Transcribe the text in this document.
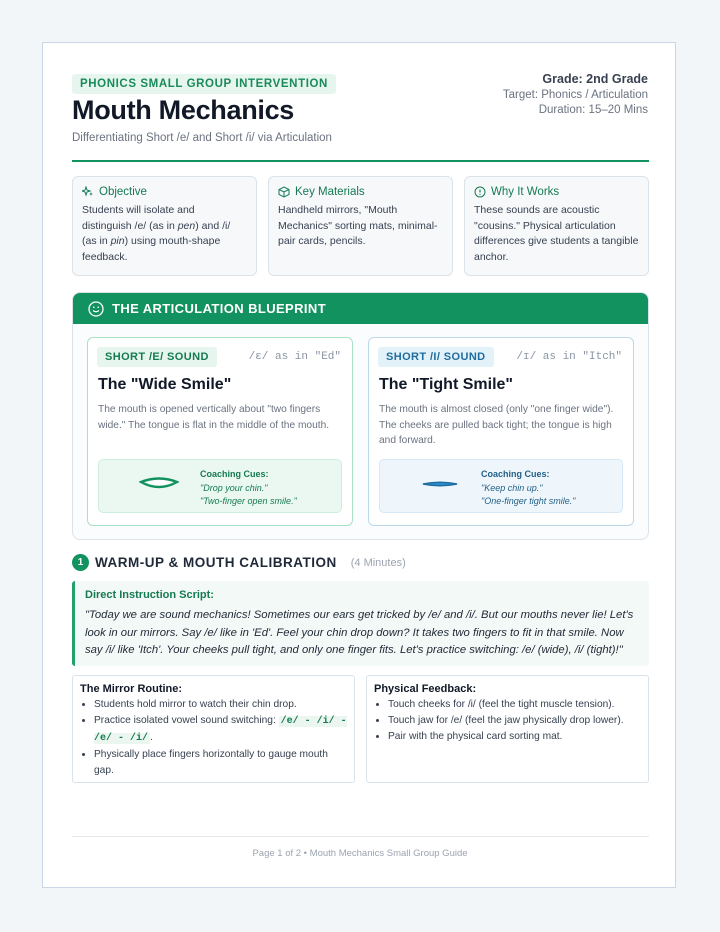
PHONICS SMALL GROUP INTERVENTION
Mouth Mechanics
Differentiating Short /e/ and Short /i/ via Articulation
Grade: 2nd Grade
Target: Phonics / Articulation
Duration: 15–20 Mins
Objective
Students will isolate and distinguish /e/ (as in pen) and /i/ (as in pin) using mouth-shape feedback.
Key Materials
Handheld mirrors, "Mouth Mechanics" sorting mats, minimal-pair cards, pencils.
Why It Works
These sounds are acoustic "cousins." Physical articulation differences give students a tangible anchor.
THE ARTICULATION BLUEPRINT
SHORT /E/ SOUND	/ɛ/ as in "Ed"
The "Wide Smile"
The mouth is opened vertically about "two fingers wide." The tongue is flat in the middle of the mouth.
Coaching Cues:
"Drop your chin."
"Two-finger open smile."
SHORT /I/ SOUND	/ɪ/ as in "Itch"
The "Tight Smile"
The mouth is almost closed (only "one finger wide"). The cheeks are pulled back tight; the tongue is high and forward.
Coaching Cues:
"Keep chin up."
"One-finger tight smile."
1 WARM-UP & MOUTH CALIBRATION (4 Minutes)
Direct Instruction Script:
"Today we are sound mechanics! Sometimes our ears get tricked by /e/ and /i/. But our mouths never lie! Let's look in our mirrors. Say /e/ like in 'Ed'. Feel your chin drop down? It takes two fingers to fit in that smile. Now say /i/ like 'Itch'. Your cheeks pull tight, and only one finger fits. Let's practice switching: /e/ (wide), /i/ (tight)!"
The Mirror Routine:
• Students hold mirror to watch their chin drop.
• Practice isolated vowel sound switching: /e/ - /i/ - /e/ - /i/ .
• Physically place fingers horizontally to gauge mouth gap.
Physical Feedback:
• Touch cheeks for /i/ (feel the tight muscle tension).
• Touch jaw for /e/ (feel the jaw physically drop lower).
• Pair with the physical card sorting mat.
Page 1 of 2 • Mouth Mechanics Small Group Guide
